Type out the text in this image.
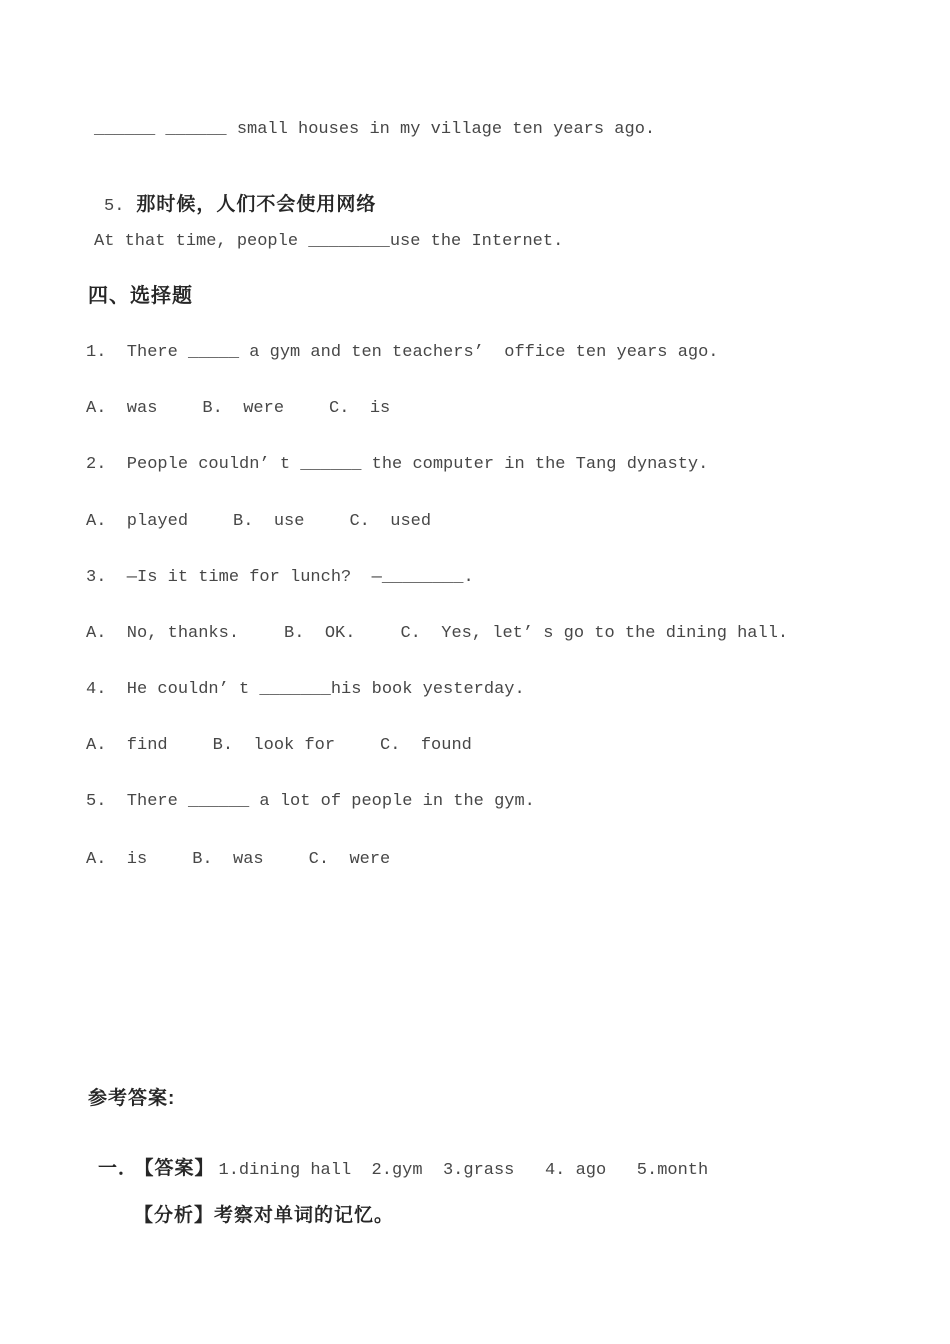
______ ______ small houses in my village ten years ago.

5. 那时候，人们不会使用网络

At that time, people ________use the Internet.
四、选择题
1.  There _____ a gym and ten teachers’  office ten years ago.
A.  was	B.  were	C.  is
2.  People couldn’ t ______ the computer in the Tang dynasty.
A.  played	B.  use	C.  used
3.  —Is it time for lunch?  —________.
A.  No, thanks.	B.  OK.	C.  Yes, let’ s go to the dining hall.
4.  He couldn’ t _______his book yesterday.
A.  find	B.  look for	C.  found
5.  There ______ a lot of people in the gym.
A.  is	B.  was	C.  were
参考答案:

一． 【答案】 1.dining hall  2.gym  3.grass   4. ago   5.month

【分析】考察对单词的记忆。
